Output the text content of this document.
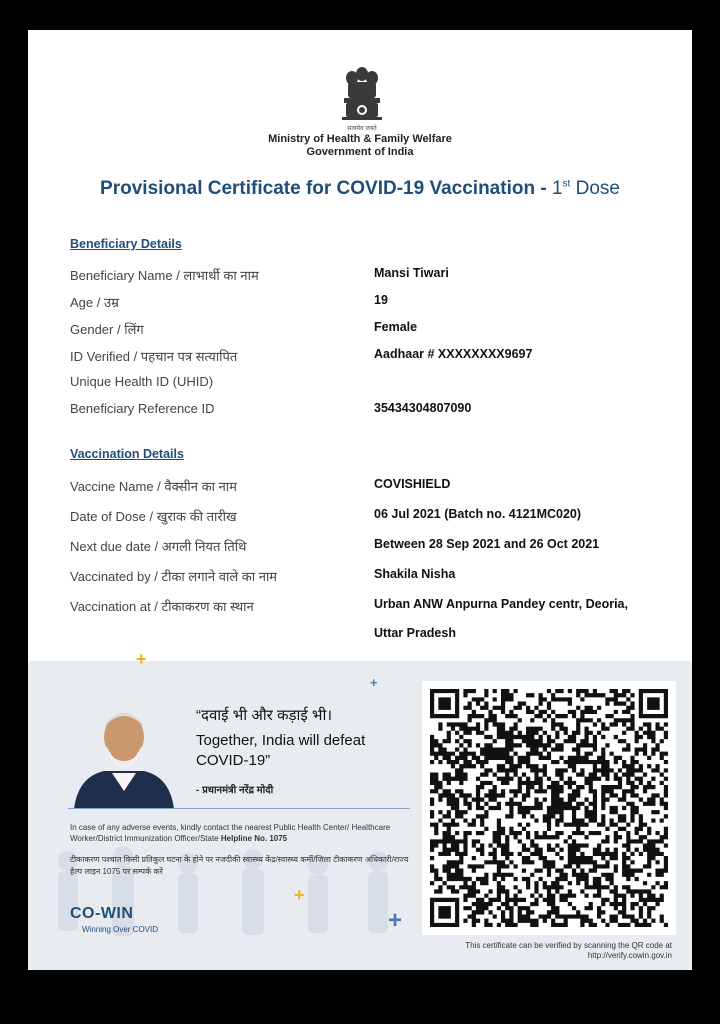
सत्यमेव जयते
Ministry of Health & Family Welfare
Government of India
Provisional Certificate for COVID-19 Vaccination - 1st Dose
Beneficiary Details
Beneficiary Name / लाभार्थी का नाम	Mansi Tiwari
Age / उम्र	19
Gender / लिंग	Female
ID Verified / पहचान पत्र सत्यापित	Aadhaar # XXXXXXXX9697
Unique Health ID (UHID)
Beneficiary Reference ID	35434304807090
Vaccination Details
Vaccine Name / वैक्सीन का नाम	COVISHIELD
Date of Dose / खुराक की तारीख	06 Jul 2021 (Batch no. 4121MC020)
Next due date / अगली नियत तिथि	Between 28 Sep 2021 and 26 Oct 2021
Vaccinated by / टीका लगाने वाले का नाम	Shakila Nisha
Vaccination at / टीकाकरण का स्थान	Urban ANW Anpurna Pandey centr, Deoria,
Uttar Pradesh
+
+
+
+
“दवाई भी और कड़ाई भी।
Together, India will defeat COVID-19”
- प्रधानमंत्री नरेंद्र मोदी
In case of any adverse events, kindly contact the nearest Public Health Center/ Healthcare Worker/District Immunization Officer/State Helpline No. 1075
टीकाकरण पश्चात किसी प्रतिकूल घटना के होने पर नजदीकी स्वास्थ्य केंद्र/स्वास्थ्य कर्मी/जिला टीकाकरण अधिकारी/राज्य हेल्प लाइन 1075 पर सम्पर्क करें
CO-WIN
Winning Over COVID
This certificate can be verified by scanning the QR code at
http://verify.cowin.gov.in
